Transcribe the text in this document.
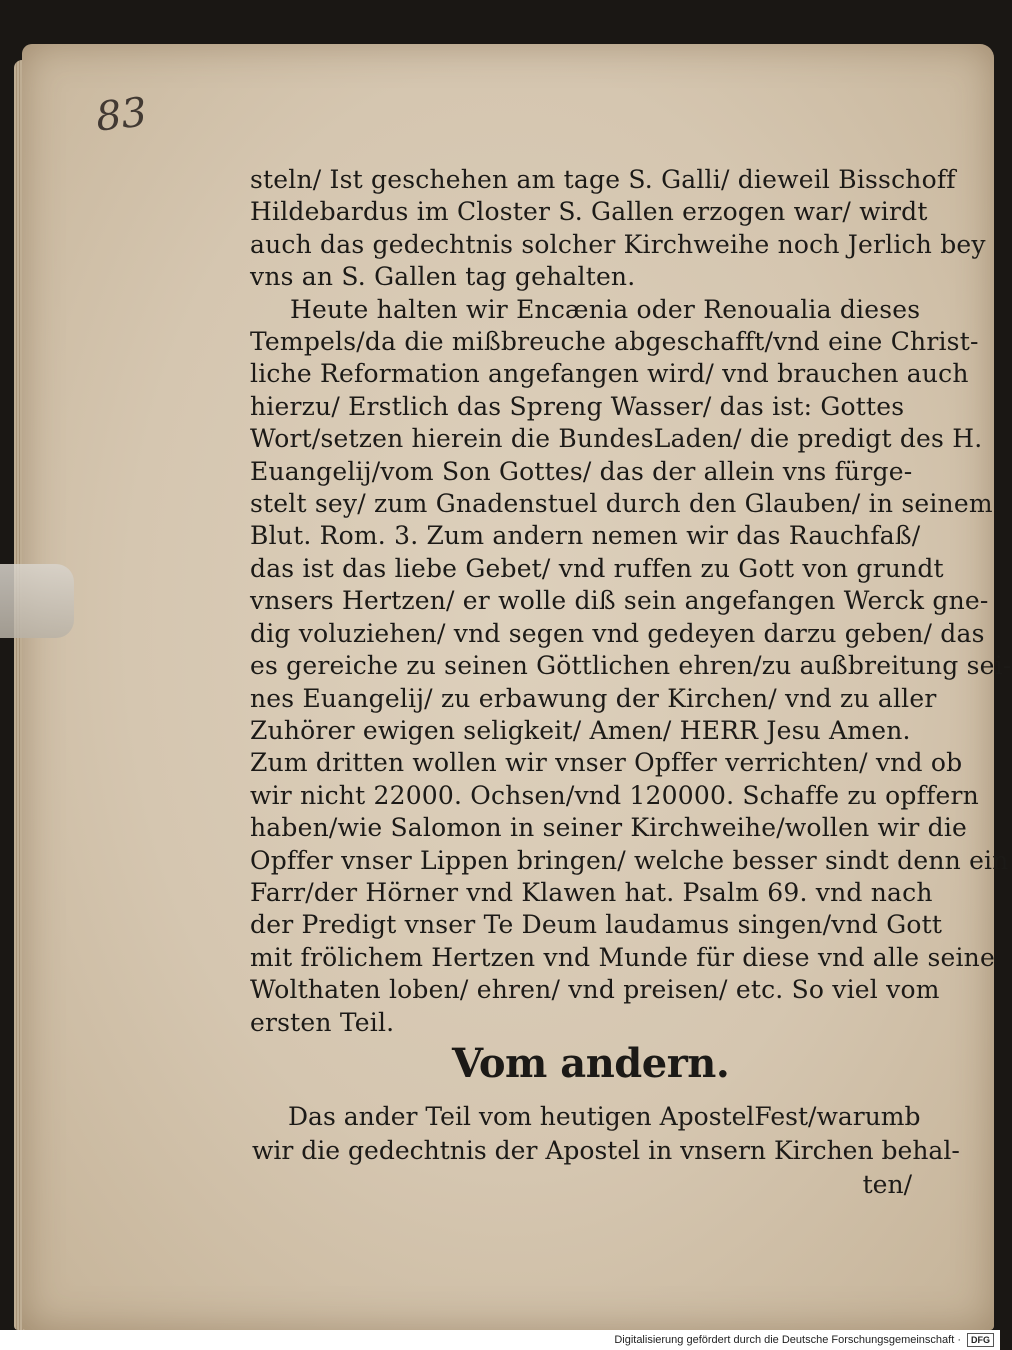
83
steln/ Ist geschehen am tage S. Galli/ dieweil Bisschoff
Hildebardus im Closter S. Gallen erzogen war/ wirdt
auch das gedechtnis solcher Kirchweihe noch Jerlich bey
vns an S. Gallen tag gehalten.
Heute halten wir Encænia oder Renoualia dieses
Tempels/da die mißbreuche abgeschafft/vnd eine Christ-
liche Reformation angefangen wird/ vnd brauchen auch
hierzu/ Erstlich das Spreng Wasser/ das ist: Gottes
Wort/setzen hierein die BundesLaden/ die predigt des H.
Euangelij/vom Son Gottes/ das der allein vns fürge-
stelt sey/ zum Gnadenstuel durch den Glauben/ in seinem
Blut. Rom. 3. Zum andern nemen wir das Rauchfaß/
das ist das liebe Gebet/ vnd ruffen zu Gott von grundt
vnsers Hertzen/ er wolle diß sein angefangen Werck gne-
dig voluziehen/ vnd segen vnd gedeyen darzu geben/ das
es gereiche zu seinen Göttlichen ehren/zu außbreitung sei-
nes Euangelij/ zu erbawung der Kirchen/ vnd zu aller
Zuhörer ewigen seligkeit/ Amen/ HERR Jesu Amen.
Zum dritten wollen wir vnser Opffer verrichten/ vnd ob
wir nicht 22000. Ochsen/vnd 120000. Schaffe zu opffern
haben/wie Salomon in seiner Kirchweihe/wollen wir die
Opffer vnser Lippen bringen/ welche besser sindt denn ein
Farr/der Hörner vnd Klawen hat. Psalm 69. vnd nach
der Predigt vnser Te Deum laudamus singen/vnd Gott
mit frölichem Hertzen vnd Munde für diese vnd alle seine
Wolthaten loben/ ehren/ vnd preisen/ etc. So viel vom
ersten Teil.
Vom andern.
Das ander Teil vom heutigen ApostelFest/warumb
wir die gedechtnis der Apostel in vnsern Kirchen behal-
ten/
Digitalisierung gefördert durch die Deutsche Forschungsgemeinschaft · DFG
